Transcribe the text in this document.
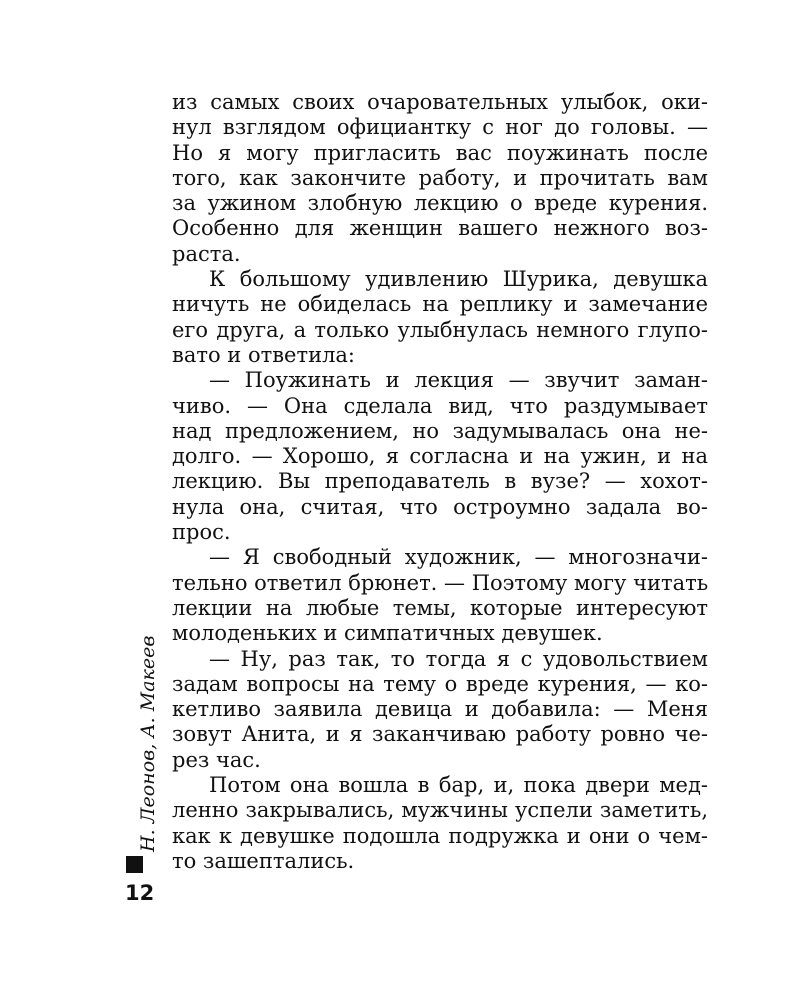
из самых своих очаровательных улыбок, оки-
нул взглядом официантку с ног до головы. —
Но я могу пригласить вас поужинать после
того, как закончите работу, и прочитать вам
за ужином злобную лекцию о вреде курения.
Особенно для женщин вашего нежного воз-
раста.
К большому удивлению Шурика, девушка
ничуть не обиделась на реплику и замечание
его друга, а только улыбнулась немного глупо-
вато и ответила:
— Поужинать и лекция — звучит заман-
чиво. — Она сделала вид, что раздумывает
над предложением, но задумывалась она не-
долго. — Хорошо, я согласна и на ужин, и на
лекцию. Вы преподаватель в вузе? — хохот-
нула она, считая, что остроумно задала во-
прос.
— Я свободный художник, — многозначи-
тельно ответил брюнет. — Поэтому могу читать
лекции на любые темы, которые интересуют
молоденьких и симпатичных девушек.
— Ну, раз так, то тогда я с удовольствием
задам вопросы на тему о вреде курения, — ко-
кетливо заявила девица и добавила: — Меня
зовут Анита, и я заканчиваю работу ровно че-
рез час.
Потом она вошла в бар, и, пока двери мед-
ленно закрывались, мужчины успели заметить,
как к девушке подошла подружка и они о чем-
то зашептались.
Н. Леонов, А. Макеев
12
